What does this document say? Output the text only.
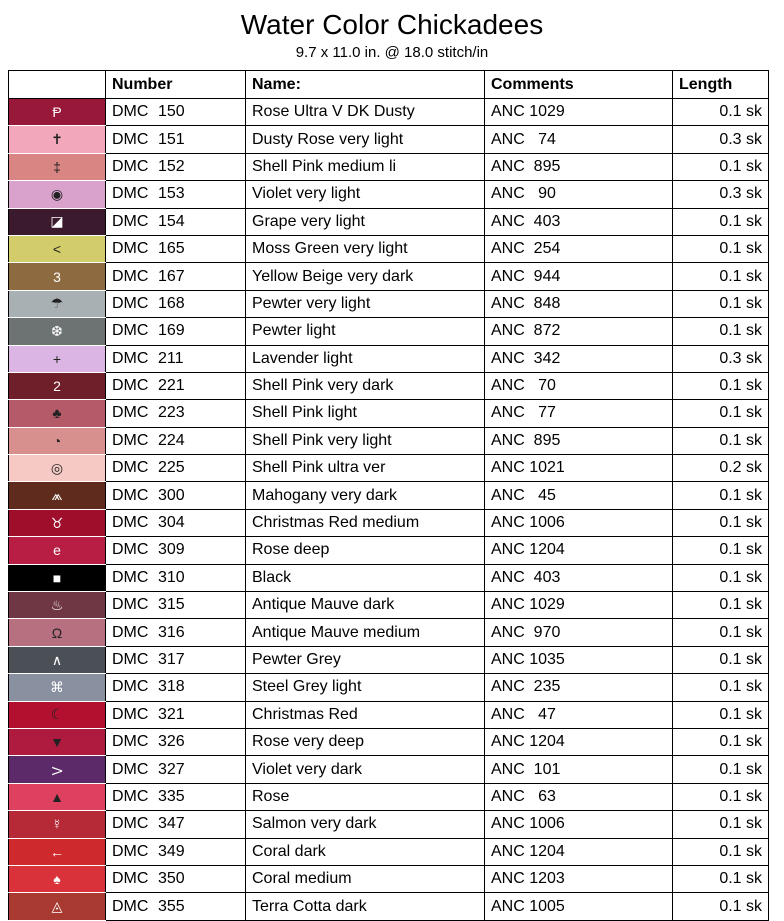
Water Color Chickadees
9.7 x 11.0 in. @ 18.0 stitch/in
	Number	Name:	Comments	Length
Ᵽ	DMC 150	Rose Ultra V DK Dusty	ANC 1029	0.1 sk
✝	DMC 151	Dusty Rose very light	ANC   74	0.3 sk
‡	DMC 152	Shell Pink medium li	ANC  895	0.1 sk
◉	DMC 153	Violet very light	ANC   90	0.3 sk
◪	DMC 154	Grape very light	ANC  403	0.1 sk
<	DMC 165	Moss Green very light	ANC  254	0.1 sk
3	DMC 167	Yellow Beige very dark	ANC  944	0.1 sk
☂	DMC 168	Pewter very light	ANC  848	0.1 sk
❆	DMC 169	Pewter light	ANC  872	0.1 sk
+	DMC 211	Lavender light	ANC  342	0.3 sk
2	DMC 221	Shell Pink very dark	ANC   70	0.1 sk
♣	DMC 223	Shell Pink light	ANC   77	0.1 sk
◔	DMC 224	Shell Pink very light	ANC  895	0.1 sk
◎	DMC 225	Shell Pink ultra ver	ANC 1021	0.2 sk
⩕	DMC 300	Mahogany very dark	ANC   45	0.1 sk
♉	DMC 304	Christmas Red medium	ANC 1006	0.1 sk
e	DMC 309	Rose deep	ANC 1204	0.1 sk
■	DMC 310	Black	ANC  403	0.1 sk
♨	DMC 315	Antique Mauve dark	ANC 1029	0.1 sk
Ω	DMC 316	Antique Mauve medium	ANC  970	0.1 sk
∧	DMC 317	Pewter Grey	ANC 1035	0.1 sk
⌘	DMC 318	Steel Grey light	ANC  235	0.1 sk
☾	DMC 321	Christmas Red	ANC   47	0.1 sk
▼	DMC 326	Rose very deep	ANC 1204	0.1 sk
𝈷	DMC 327	Violet very dark	ANC  101	0.1 sk
▲	DMC 335	Rose	ANC   63	0.1 sk
☿	DMC 347	Salmon very dark	ANC 1006	0.1 sk
←	DMC 349	Coral dark	ANC 1204	0.1 sk
♠	DMC 350	Coral medium	ANC 1203	0.1 sk
◬	DMC 355	Terra Cotta dark	ANC 1005	0.1 sk
